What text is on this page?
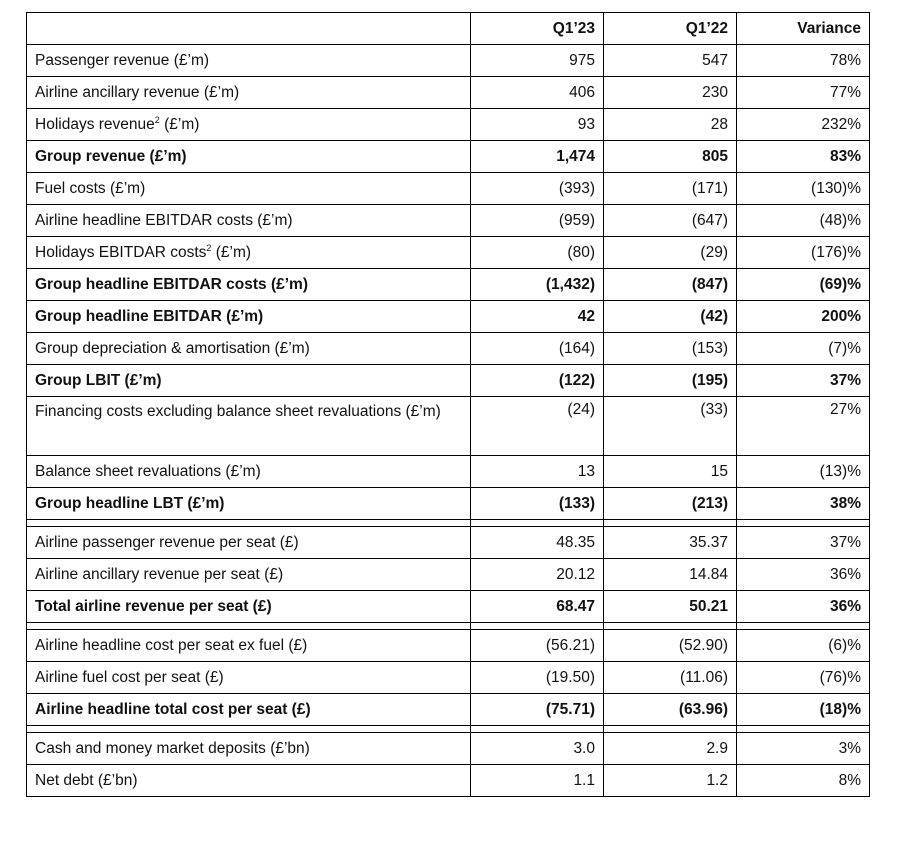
	Q1’23	Q1’22	Variance
Passenger revenue (£’m)	975	547	78%
Airline ancillary revenue (£’m)	406	230	77%
Holidays revenue$^2$ (£’m)	93	28	232%
Group revenue (£’m)	1,474	805	83%
Fuel costs (£’m)	(393)	(171)	(130)%
Airline headline EBITDAR costs (£’m)	(959)	(647)	(48)%
Holidays EBITDAR costs$^2$ (£’m)	(80)	(29)	(176)%
Group headline EBITDAR costs (£’m)	(1,432)	(847)	(69)%
Group headline EBITDAR (£’m)	42	(42)	200%
Group depreciation & amortisation (£’m)	(164)	(153)	(7)%
Group LBIT (£’m)	(122)	(195)	37%
Financing costs excluding balance sheet revaluations (£’m)	(24)	(33)	27%
Balance sheet revaluations (£’m)	13	15	(13)%
Group headline LBT (£’m)	(133)	(213)	38%

Airline passenger revenue per seat (£)	48.35	35.37	37%
Airline ancillary revenue per seat (£)	20.12	14.84	36%
Total airline revenue per seat (£)	68.47	50.21	36%

Airline headline cost per seat ex fuel (£)	(56.21)	(52.90)	(6)%
Airline fuel cost per seat (£)	(19.50)	(11.06)	(76)%
Airline headline total cost per seat (£)	(75.71)	(63.96)	(18)%

Cash and money market deposits (£’bn)	3.0	2.9	3%
Net debt (£’bn)	1.1	1.2	8%
